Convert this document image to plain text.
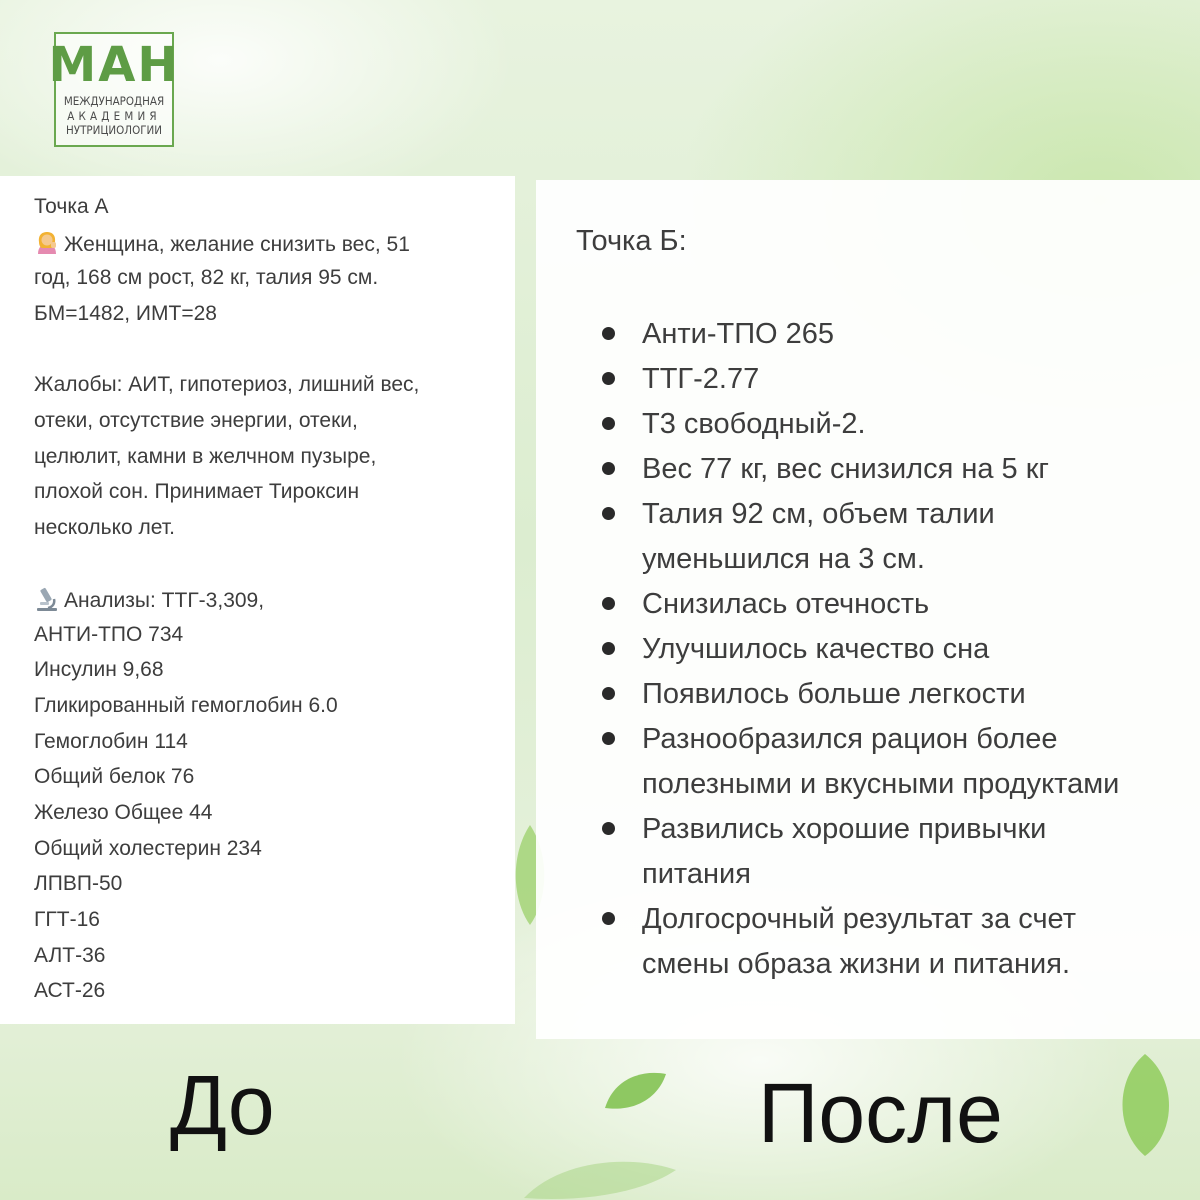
МАН
МЕЖДУНАРОДНАЯ
АКАДЕМИЯ
НУТРИЦИОЛОГИИ
Точка А
Женщина, желание снизить вес, 51
год, 168 см рост, 82 кг, талия 95 см.
БМ=1482, ИМТ=28
Жалобы: АИТ, гипотериоз, лишний вес,
отеки, отсутствие энергии, отеки,
целюлит, камни в желчном пузыре,
плохой сон. Принимает Тироксин
несколько лет.
Анализы: ТТГ-3,309,
АНТИ-ТПО 734
Инсулин 9,68
Гликированный гемоглобин 6.0
Гемоглобин 114
Общий белок 76
Железо Общее 44
Общий холестерин 234
ЛПВП-50
ГГТ-16
АЛТ-36
АСТ-26
Точка Б:
Анти-ТПО 265
ТТГ-2.77
Т3 свободный-2.
Вес 77 кг, вес снизился на 5 кг
Талия 92 см, объем талии
уменьшился на 3 см.
Снизилась отечность
Улучшилось качество сна
Появилось больше легкости
Разнообразился рацион более
полезными и вкусными продуктами
Развились хорошие привычки
питания
Долгосрочный результат за счет
смены образа жизни и питания.
До	После
